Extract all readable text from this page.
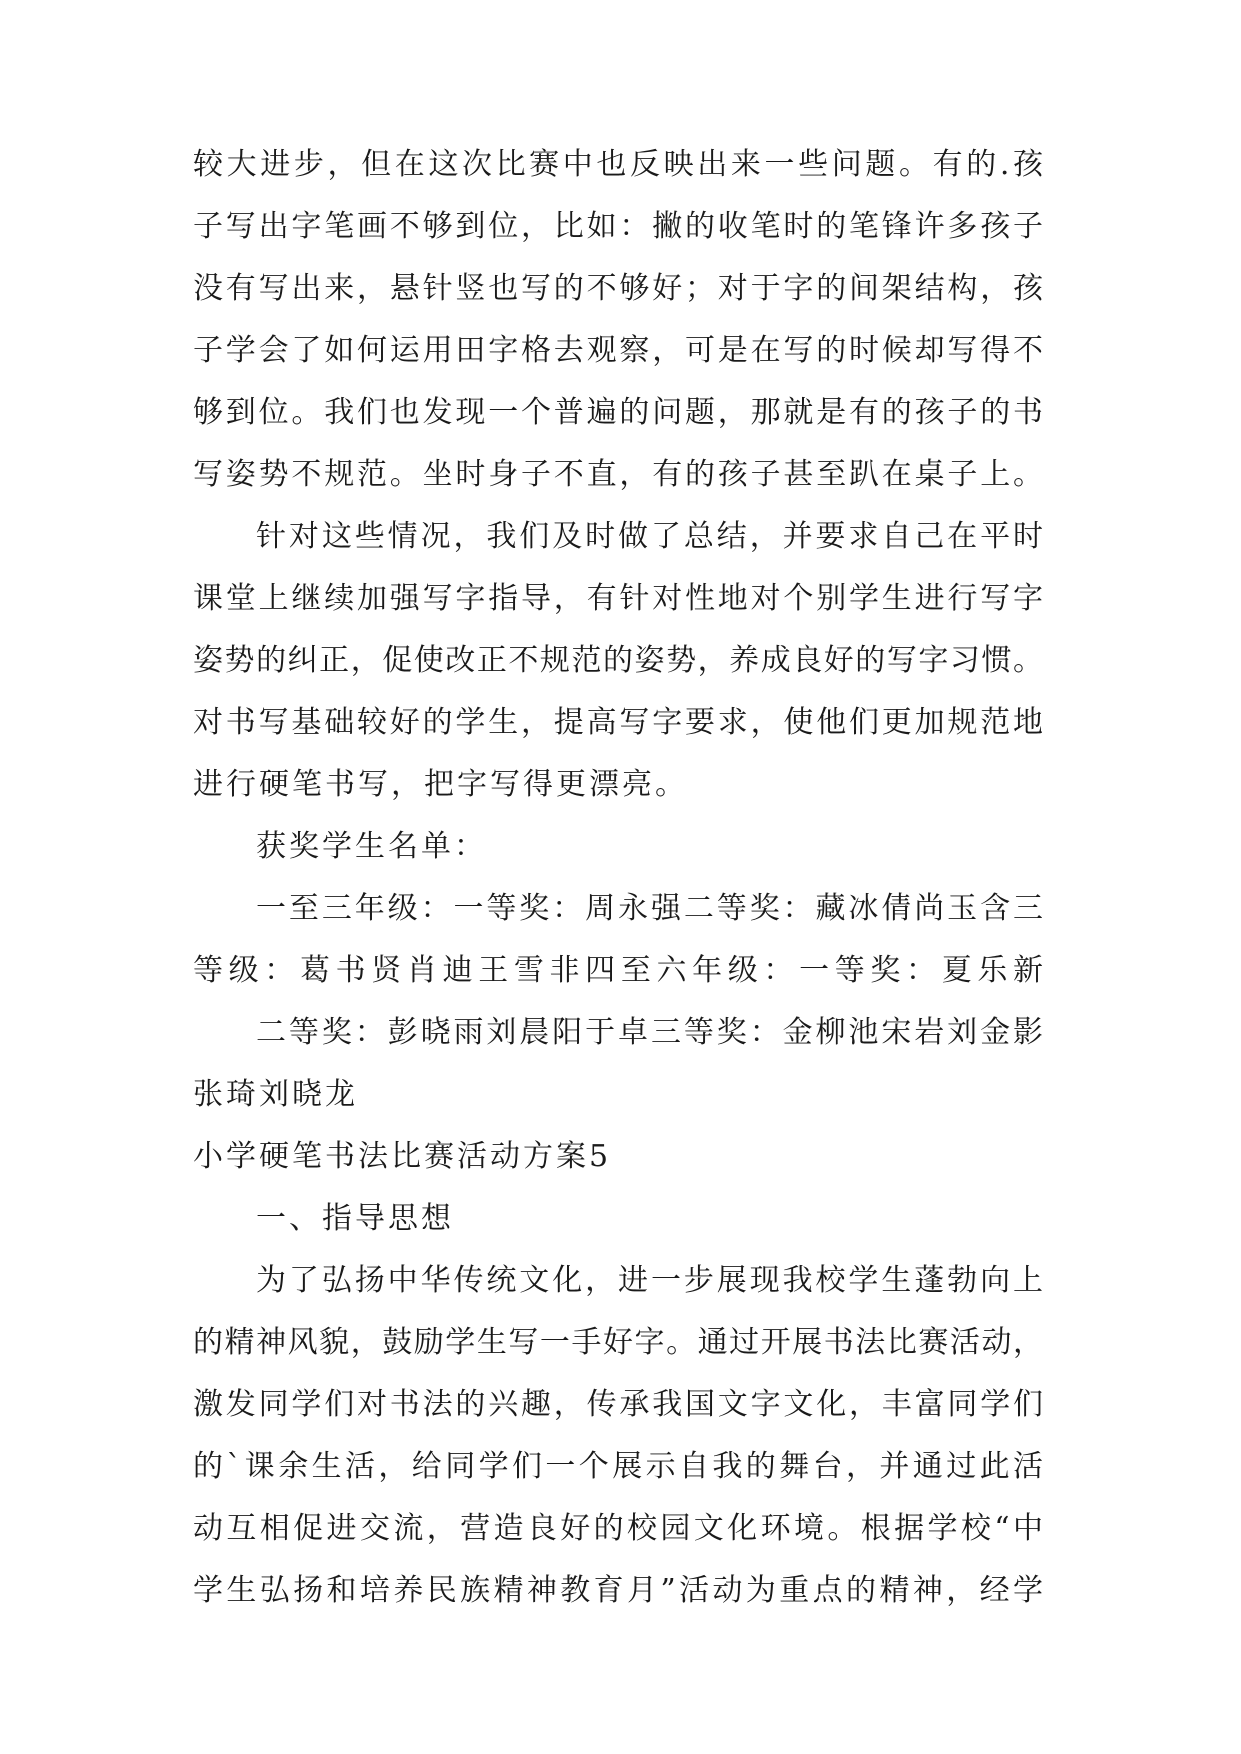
较大进步，但在这次比赛中也反映出来一些问题。有的.孩
子写出字笔画不够到位，比如：撇的收笔时的笔锋许多孩子
没有写出来，悬针竖也写的不够好；对于字的间架结构，孩
子学会了如何运用田字格去观察，可是在写的时候却写得不
够到位。我们也发现一个普遍的问题，那就是有的孩子的书
写姿势不规范。坐时身子不直，有的孩子甚至趴在桌子上。
针对这些情况，我们及时做了总结，并要求自己在平时
课堂上继续加强写字指导，有针对性地对个别学生进行写字
姿势的纠正，促使改正不规范的姿势，养成良好的写字习惯。
对书写基础较好的学生，提高写字要求，使他们更加规范地
进行硬笔书写，把字写得更漂亮。
获奖学生名单：
一至三年级：一等奖：周永强二等奖：藏冰倩尚玉含三
等级：葛书贤肖迪王雪非四至六年级：一等奖：夏乐新
二等奖：彭晓雨刘晨阳于卓三等奖：金柳池宋岩刘金影
张琦刘晓龙
小学硬笔书法比赛活动方案5
一、指导思想
为了弘扬中华传统文化，进一步展现我校学生蓬勃向上
的精神风貌，鼓励学生写一手好字。通过开展书法比赛活动，
激发同学们对书法的兴趣，传承我国文字文化，丰富同学们
的`课余生活，给同学们一个展示自我的舞台，并通过此活
动互相促进交流，营造良好的校园文化环境。根据学校“中
学生弘扬和培养民族精神教育月”活动为重点的精神，经学
